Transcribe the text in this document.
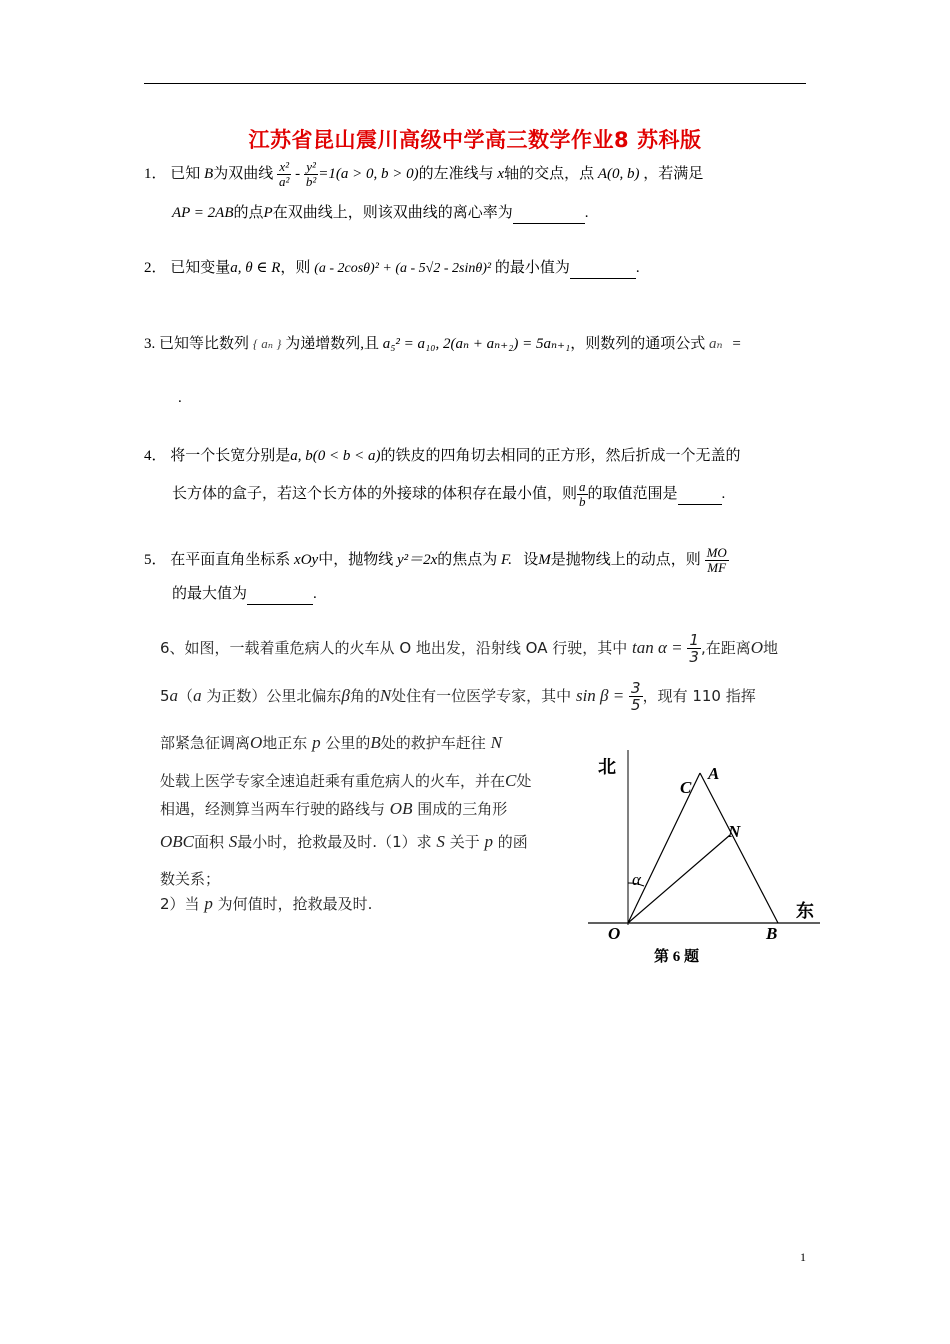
江苏省昆山震川高级中学高三数学作业8 苏科版
1． 已知 B为双曲线 $\frac{\text{x²}}{\text{a²}} - \frac{\text{y²}}{\text{b²}} =1(a > 0$, b > 0)的左准线与 x轴的交点，点 A(0, b) ，若满足
AP = 2AB的点P在双曲线上，则该双曲线的离心率为	.
2． 已知变量a, θ ∈ R，则 (a - 2cosθ)² + (a - 5√2 - 2sinθ)² 的最小值为	.
3. 已知等比数列 { aₙ } 为递增数列,且 a₅² = a₁₀, 2(aₙ + aₙ₊₂) = 5aₙ₊₁，则数列的通项公式 aₙ =
.
4． 将一个长宽分别是a, b(0 < b < a)的铁皮的四角切去相同的正方形，然后折成一个无盖的
长方体的盒子，若这个长方体的外接球的体积存在最小值，则 $\frac{a}{b}$ 的取值范围是	.
5． 在平面直角坐标系 xOy中，抛物线 y²＝2x的焦点为 F. 设M是抛物线上的动点，则 $\frac{MO}{MF}$
的最大值为	.
6、如图，一载着重危病人的火车从 O 地出发，沿射线 OA 行驶，其中 $\tan \alpha = \frac{1}{3}$ ,在距离O地
5a（a 为正数）公里北偏东β角的N处住有一位医学专家，其中 $\sin \beta = \frac{3}{5}$ ，现有 110 指挥
部紧急征调离O地正东 p 公里的B处的救护车赶往 N
处载上医学专家全速追赶乘有重危病人的火车，并在C处
相遇，经测算当两车行驶的路线与 OB 围成的三角形
OBC面积 S最小时，抢救最及时.（1）求 S 关于 p 的函
数关系；
2）当 p 为何值时，抢救最及时.
北
东
A
C
N
O	B
α
第 6 题
1
